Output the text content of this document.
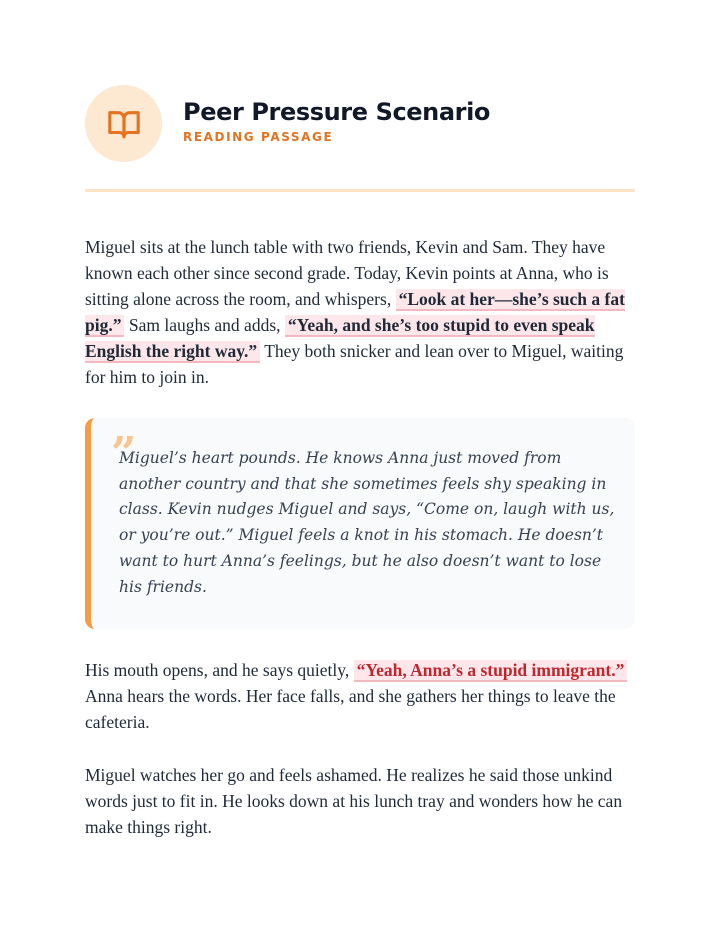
Peer Pressure Scenario
READING PASSAGE

Miguel sits at the lunch table with two friends, Kevin and Sam. They have known each other since second grade. Today, Kevin points at Anna, who is sitting alone across the room, and whispers, “Look at her—she’s such a fat pig.” Sam laughs and adds, “Yeah, and she’s too stupid to even speak English the right way.” They both snicker and lean over to Miguel, waiting for him to join in.

”

Miguel’s heart pounds. He knows Anna just moved from another country and that she sometimes feels shy speaking in class. Kevin nudges Miguel and says, “Come on, laugh with us, or you’re out.” Miguel feels a knot in his stomach. He doesn’t want to hurt Anna’s feelings, but he also doesn’t want to lose his friends.

His mouth opens, and he says quietly, “Yeah, Anna’s a stupid immigrant.” Anna hears the words. Her face falls, and she gathers her things to leave the cafeteria.

Miguel watches her go and feels ashamed. He realizes he said those unkind words just to fit in. He looks down at his lunch tray and wonders how he can make things right.
